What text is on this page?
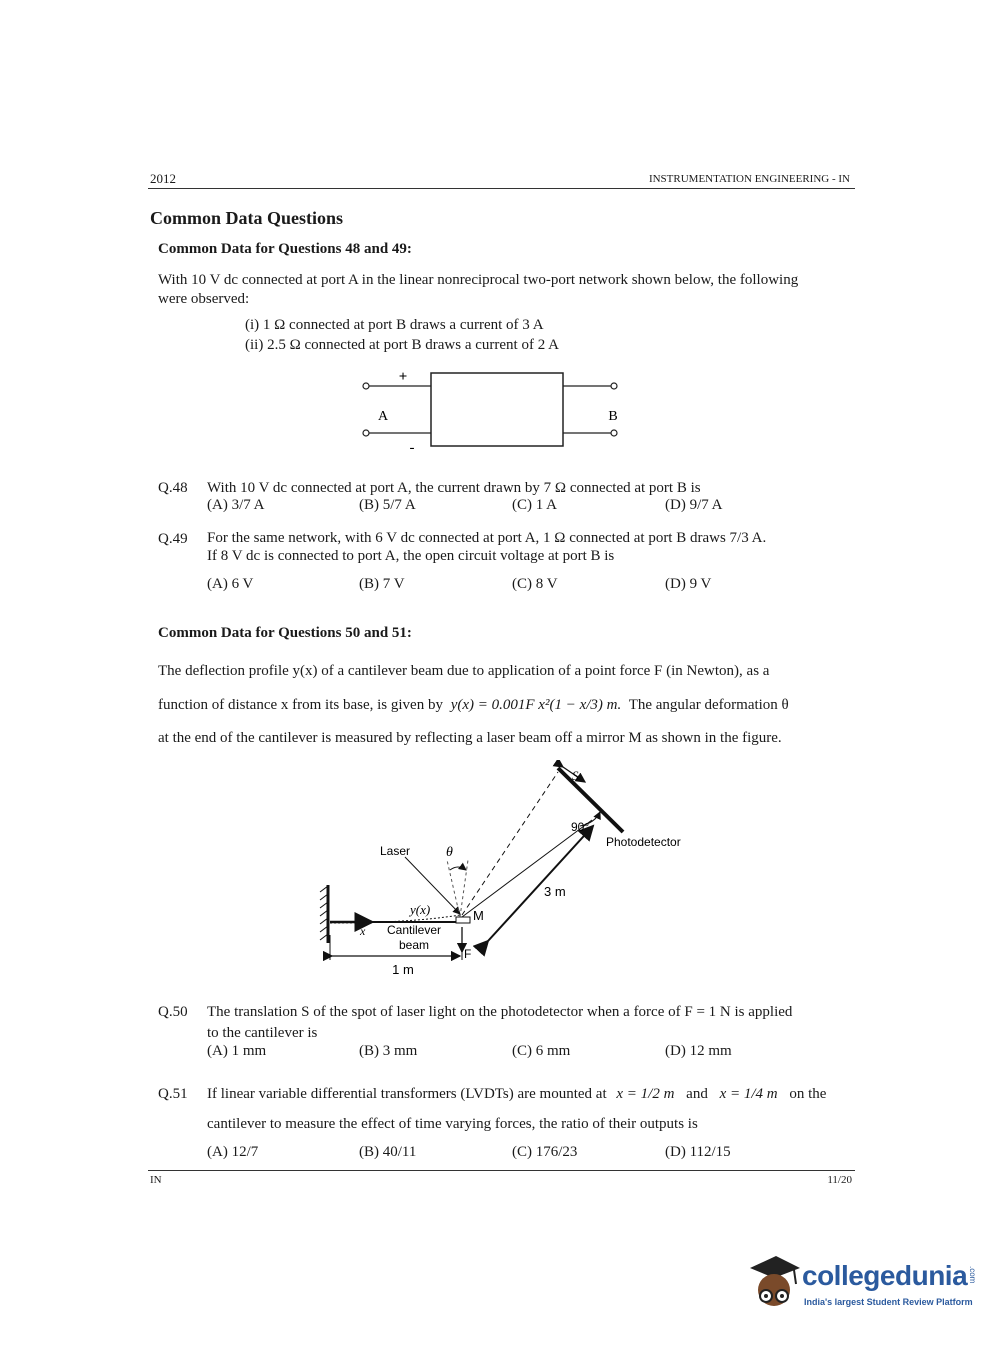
2012	INSTRUMENTATION ENGINEERING - IN
Common Data Questions
Common Data for Questions 48 and 49:
With 10 V dc connected at port A in the linear nonreciprocal two-port network shown below, the following
were observed:
(i) 1 Ω connected at port B draws a current of 3 A
(ii) 2.5 Ω connected at port B draws a current of 2 A
+
-
A	B
Q.48 With 10 V dc connected at port A, the current drawn by 7 Ω connected at port B is
(A) 3/7 A	(B) 5/7 A	(C) 1 A	(D) 9/7 A
Q.49 For the same network, with 6 V dc connected at port A, 1 Ω connected at port B draws 7/3 A.
If 8 V dc is connected to port A, the open circuit voltage at port B is
(A) 6 V	(B) 7 V	(C) 8 V	(D) 9 V
Common Data for Questions 50 and 51:
The deflection profile y(x) of a cantilever beam due to application of a point force F (in Newton), as a
function of distance x from its base, is given by y(x) = 0.001F x²(1 − x/3) m. The angular deformation θ
at the end of the cantilever is measured by reflecting a laser beam off a mirror M as shown in the figure.
S
90°
Photodetector
Laser	θ
3 m
y(x)	M
x Cantilever
beam
F
1 m
Q.50 The translation S of the spot of laser light on the photodetector when a force of F = 1 N is applied
to the cantilever is
(A) 1 mm	(B) 3 mm	(C) 6 mm	(D) 12 mm
Q.51 If linear variable differential transformers (LVDTs) are mounted at x = 1/2 m and x = 1/4 m on the
cantilever to measure the effect of time varying forces, the ratio of their outputs is
(A) 12/7	(B) 40/11	(C) 176/23	(D) 112/15
IN	11/20
collegedunia .com
India's largest Student Review Platform
